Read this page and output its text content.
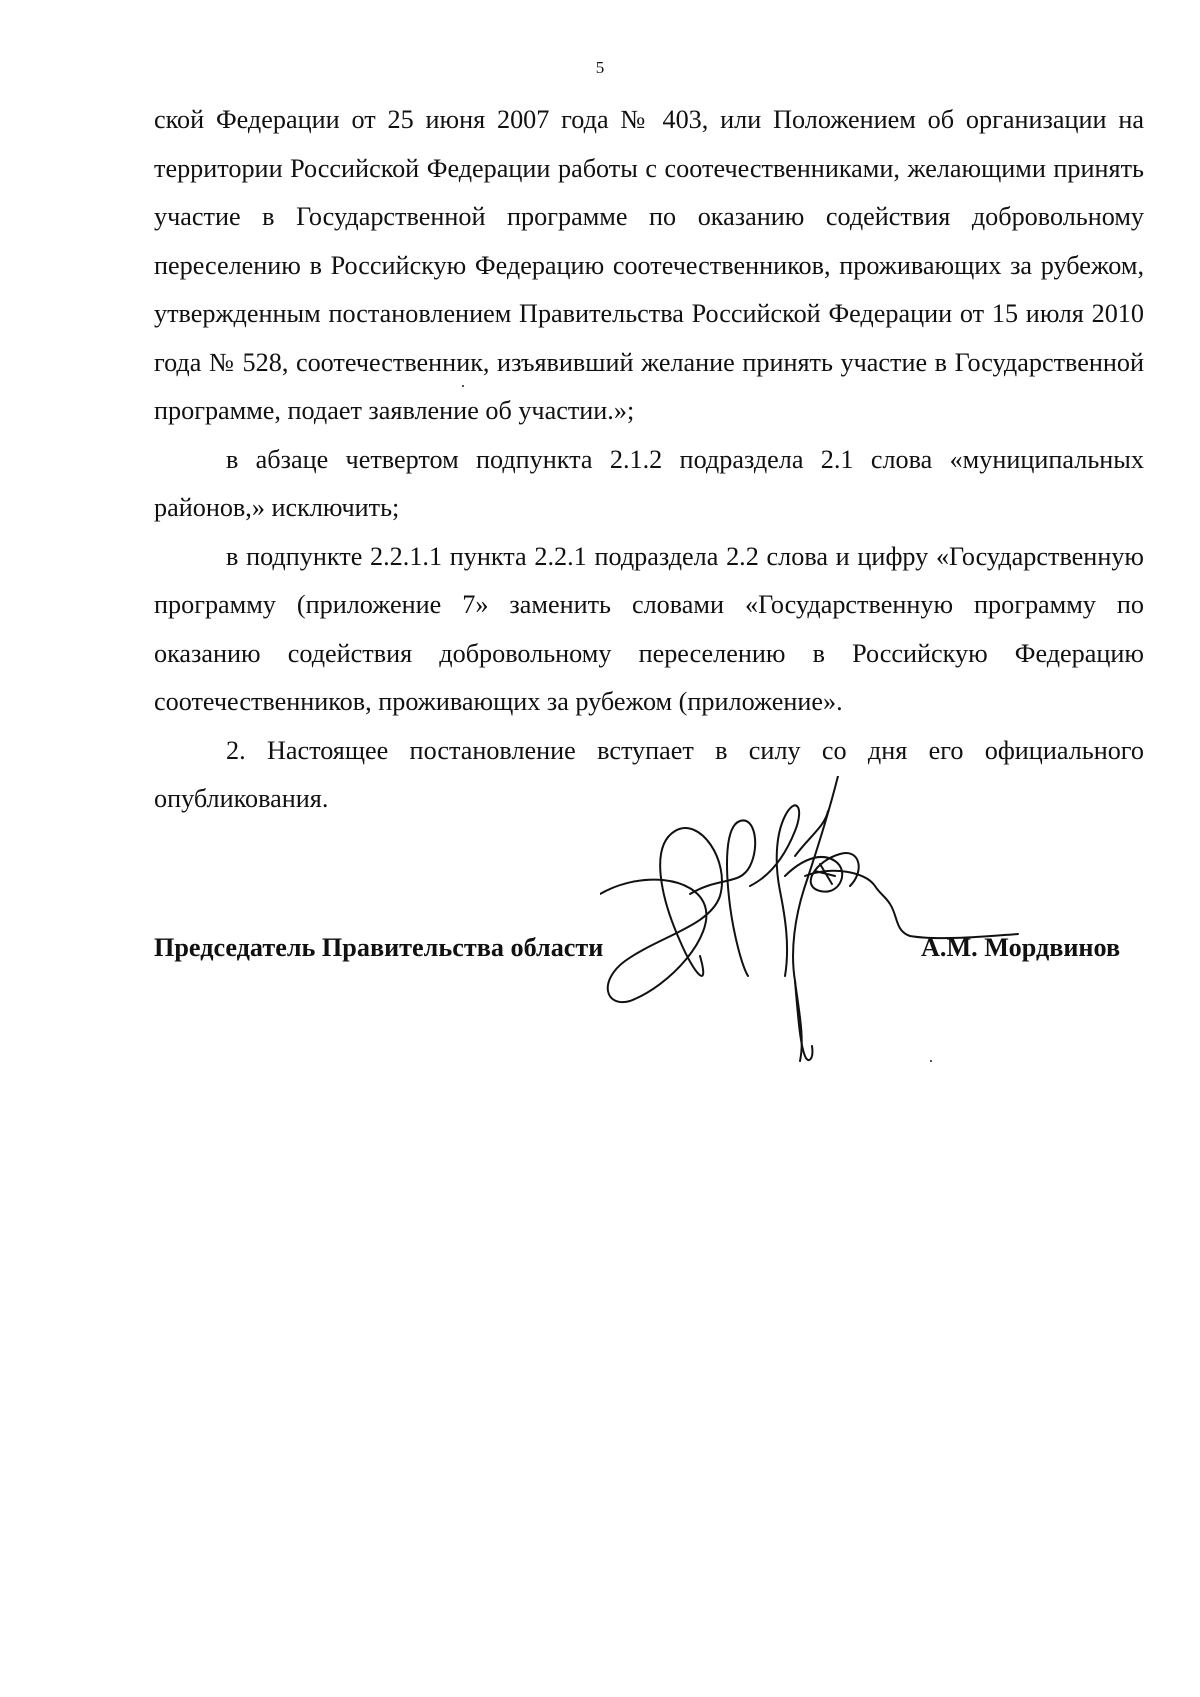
5

ской Федерации от 25 июня 2007 года № 403, или Положением об организации на территории Российской Федерации работы с соотечественниками, желающими принять участие в Государственной программе по оказанию содействия добровольному переселению в Российскую Федерацию соотечественников, проживающих за рубежом, утвержденным постановлением Правительства Российской Федерации от 15 июля 2010 года № 528, соотечественник, изъявивший желание принять участие в Государственной программе, подает заявление об участии.»;

в абзаце четвертом подпункта 2.1.2 подраздела 2.1 слова «муниципальных районов,» исключить;

в подпункте 2.2.1.1 пункта 2.2.1 подраздела 2.2 слова и цифру «Государственную программу (приложение 7» заменить словами «Государственную программу по оказанию содействия добровольному переселению в Российскую Федерацию соотечественников, проживающих за рубежом (приложение».

2. Настоящее постановление вступает в силу со дня его официального опубликования.

Председатель Правительства области	А.М. Мордвинов
